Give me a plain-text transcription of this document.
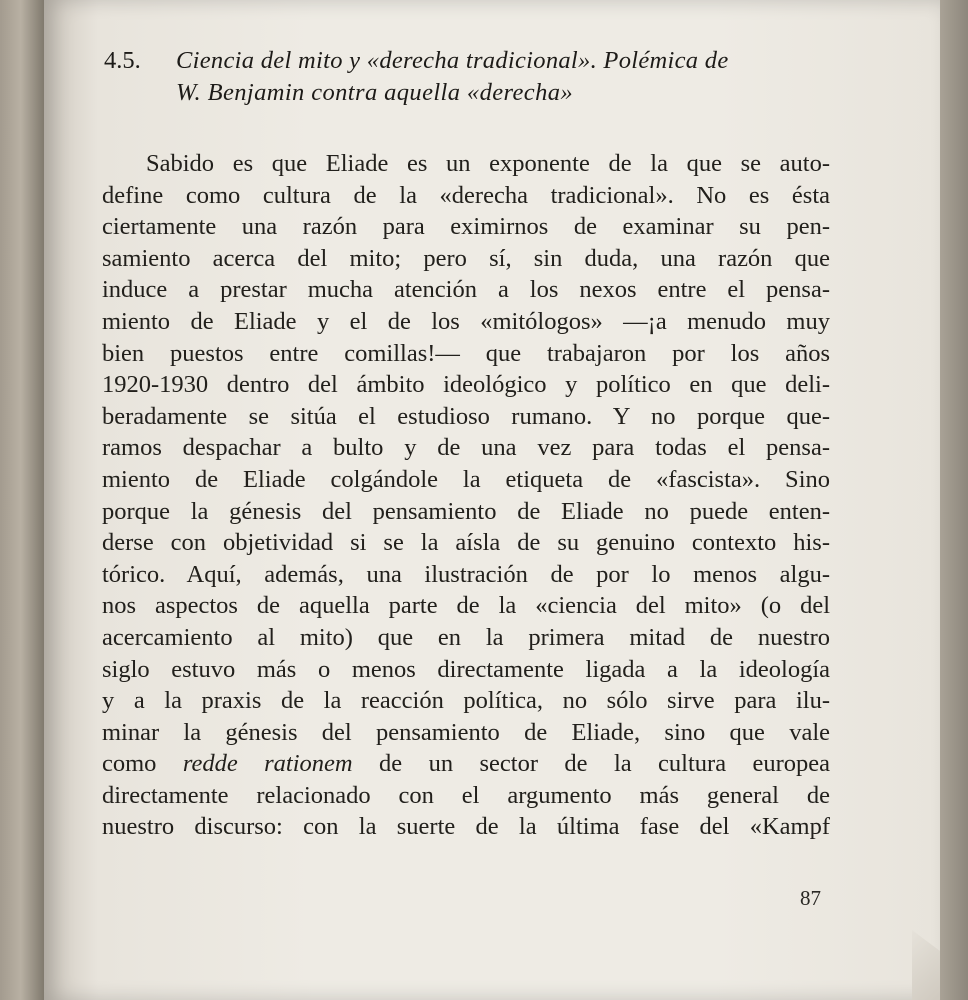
4.5. Ciencia del mito y «derecha tradicional». Polémica de
W. Benjamin contra aquella «derecha»
Sabido es que Eliade es un exponente de la que se auto-
define como cultura de la «derecha tradicional». No es ésta
ciertamente una razón para eximirnos de examinar su pen-
samiento acerca del mito; pero sí, sin duda, una razón que
induce a prestar mucha atención a los nexos entre el pensa-
miento de Eliade y el de los «mitólogos» —¡a menudo muy
bien puestos entre comillas!— que trabajaron por los años
1920-1930 dentro del ámbito ideológico y político en que deli-
beradamente se sitúa el estudioso rumano. Y no porque que-
ramos despachar a bulto y de una vez para todas el pensa-
miento de Eliade colgándole la etiqueta de «fascista». Sino
porque la génesis del pensamiento de Eliade no puede enten-
derse con objetividad si se la aísla de su genuino contexto his-
tórico. Aquí, además, una ilustración de por lo menos algu-
nos aspectos de aquella parte de la «ciencia del mito» (o del
acercamiento al mito) que en la primera mitad de nuestro
siglo estuvo más o menos directamente ligada a la ideología
y a la praxis de la reacción política, no sólo sirve para ilu-
minar la génesis del pensamiento de Eliade, sino que vale
como redde rationem de un sector de la cultura europea
directamente relacionado con el argumento más general de
nuestro discurso: con la suerte de la última fase del «Kampf
87
